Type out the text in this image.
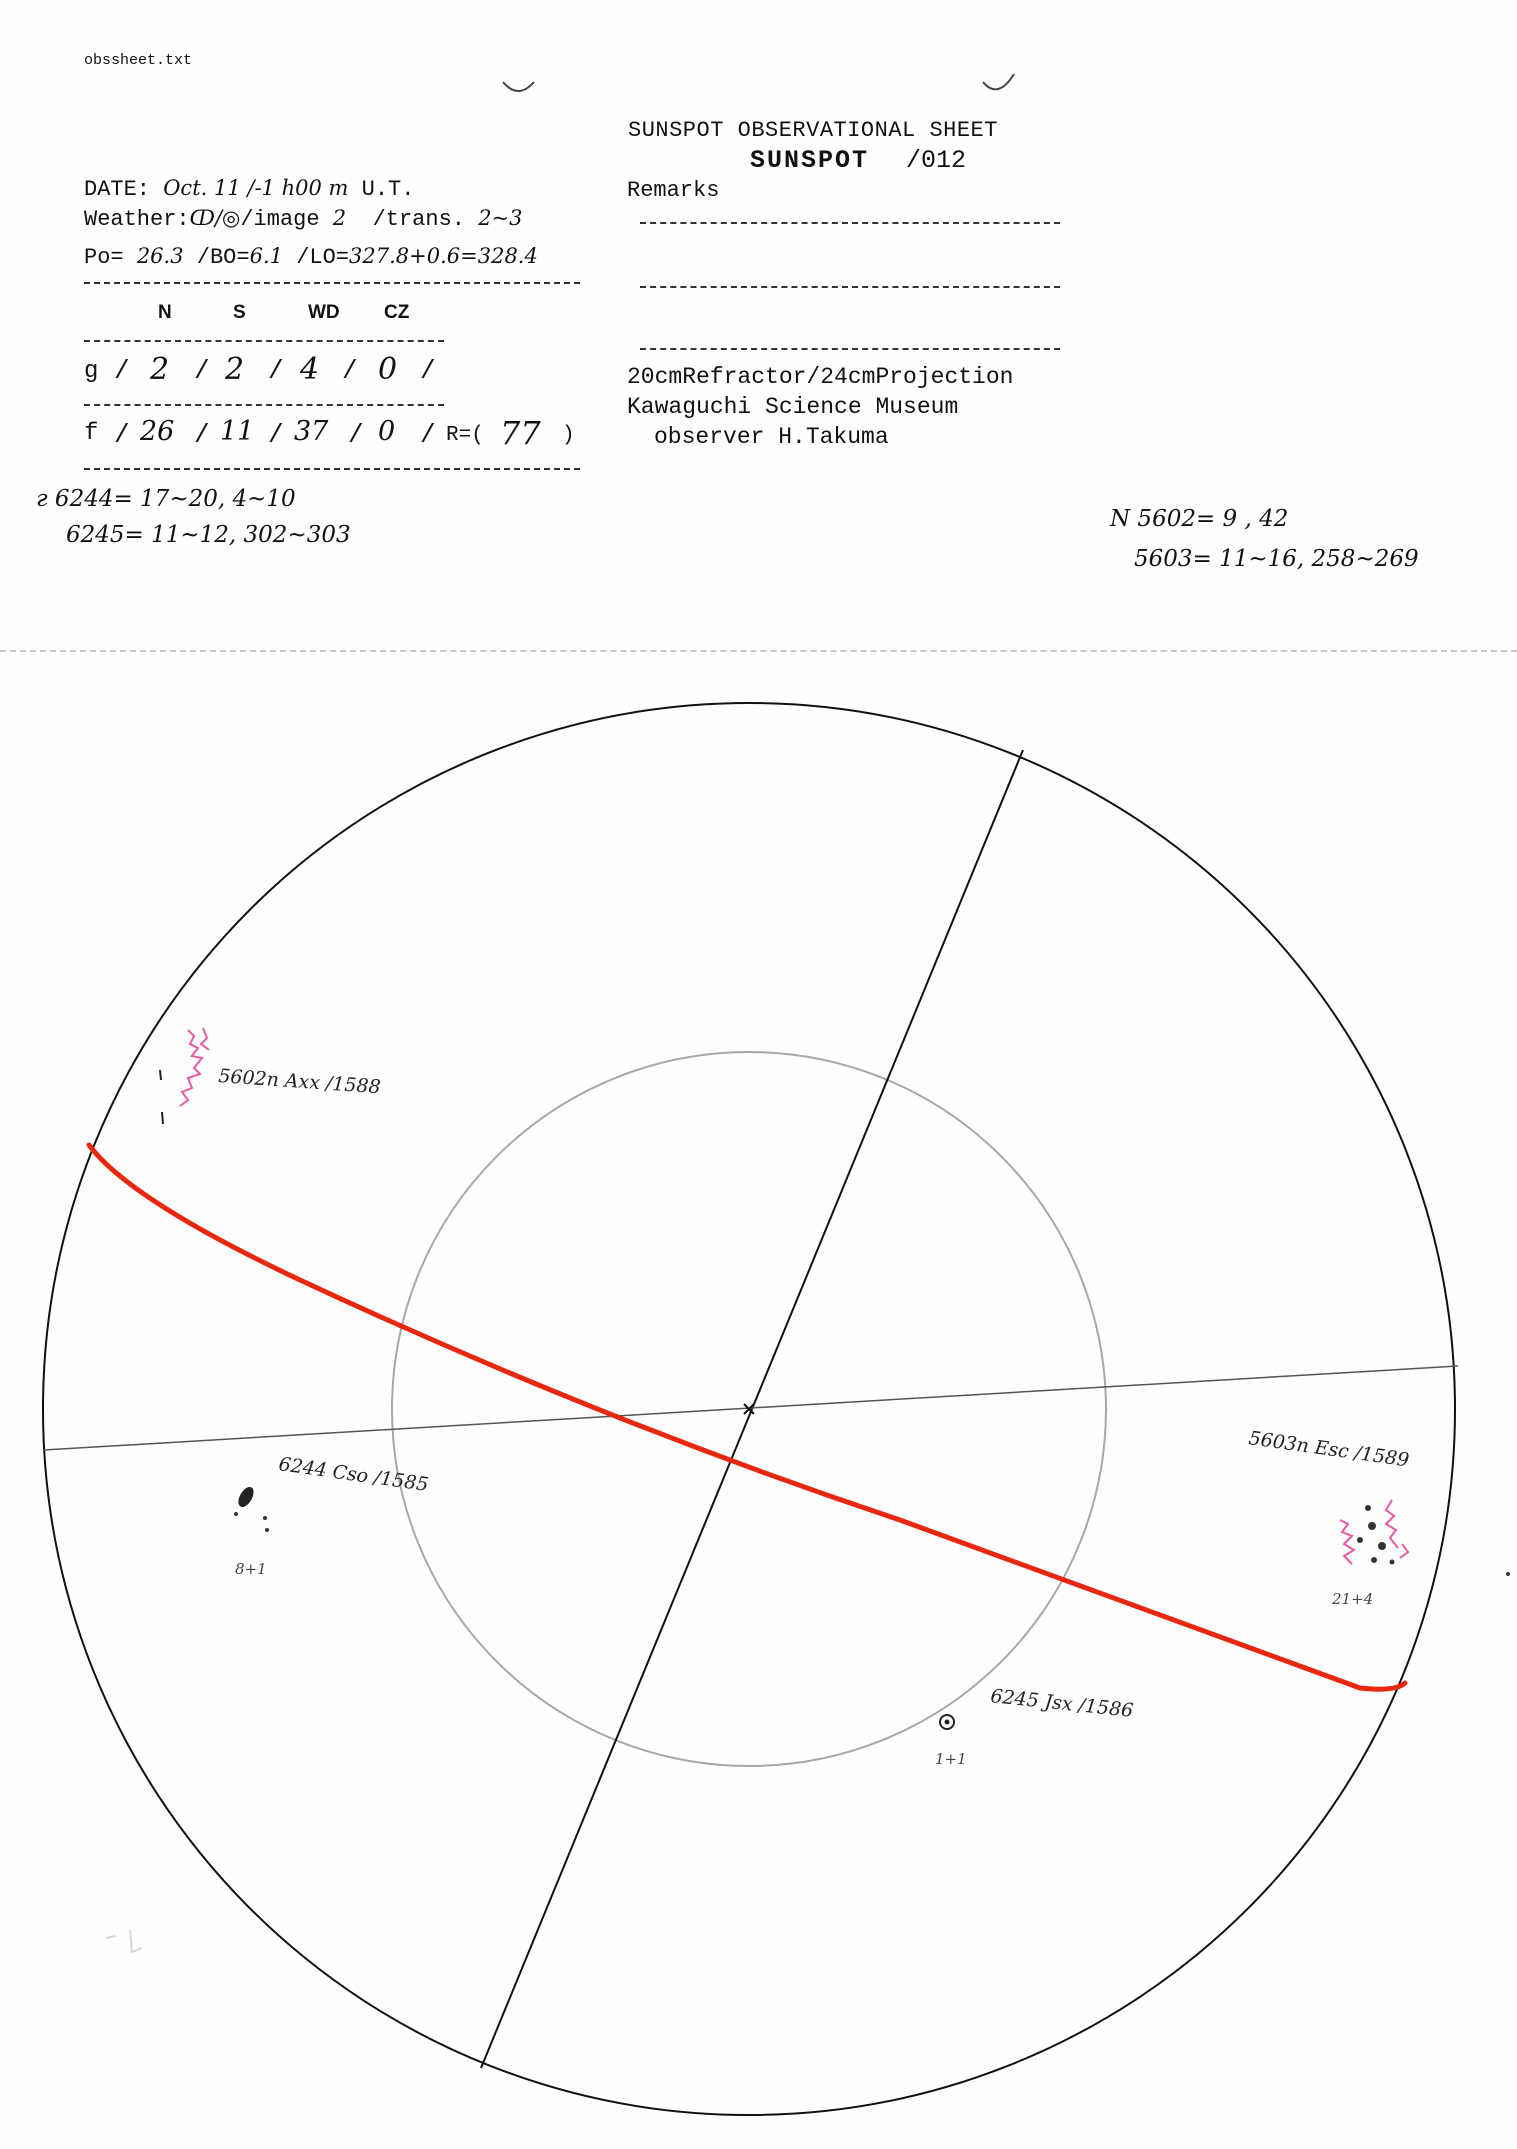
obssheet.txt
SUNSPOT OBSERVATIONAL SHEET
SUNSPOT /012
Remarks
20cmRefractor/24cmProjection
Kawaguchi Science Museum
observer H.Takuma
DATE: Oct. 11 /-1 h00 m U.T.
Weather:ↀ/◎/image 2 /trans. 2~3
Po= 26.3 /BO=6.1 /LO=327.8+0.6=328.4
N	S	WD CZ
g / 2 / 2 / 4 / 0 /
f / 26 / 11 / 37 / 0 / R=( 77 )
г 6244= 17~20, 4~10
6245= 11~12, 302~303
N 5602= 9 , 42
5603= 11~16, 258~269
5602n Axx /1588
6244 Cso /1585
8+1
6245 Jsx /1586
1+1
5603n Esc /1589
21+4
